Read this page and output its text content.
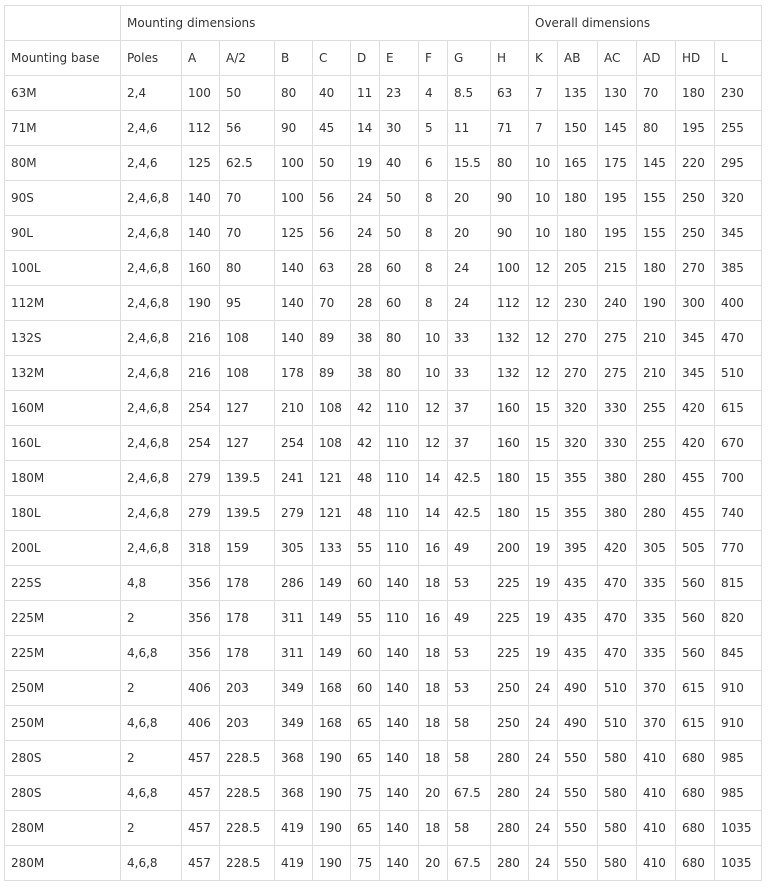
	Mounting dimensions										Overall dimensions					
Mounting base	Poles	A	A/2	B	C	D	E	F	G	H	K	AB	AC	AD	HD	L
63M	2,4	100	50	80	40	11	23	4	8.5	63	7	135	130	70	180	230
71M	2,4,6	112	56	90	45	14	30	5	11	71	7	150	145	80	195	255
80M	2,4,6	125	62.5	100	50	19	40	6	15.5	80	10	165	175	145	220	295
90S	2,4,6,8	140	70	100	56	24	50	8	20	90	10	180	195	155	250	320
90L	2,4,6,8	140	70	125	56	24	50	8	20	90	10	180	195	155	250	345
100L	2,4,6,8	160	80	140	63	28	60	8	24	100	12	205	215	180	270	385
112M	2,4,6,8	190	95	140	70	28	60	8	24	112	12	230	240	190	300	400
132S	2,4,6,8	216	108	140	89	38	80	10	33	132	12	270	275	210	345	470
132M	2,4,6,8	216	108	178	89	38	80	10	33	132	12	270	275	210	345	510
160M	2,4,6,8	254	127	210	108	42	110	12	37	160	15	320	330	255	420	615
160L	2,4,6,8	254	127	254	108	42	110	12	37	160	15	320	330	255	420	670
180M	2,4,6,8	279	139.5	241	121	48	110	14	42.5	180	15	355	380	280	455	700
180L	2,4,6,8	279	139.5	279	121	48	110	14	42.5	180	15	355	380	280	455	740
200L	2,4,6,8	318	159	305	133	55	110	16	49	200	19	395	420	305	505	770
225S	4,8	356	178	286	149	60	140	18	53	225	19	435	470	335	560	815
225M	2	356	178	311	149	55	110	16	49	225	19	435	470	335	560	820
225M	4,6,8	356	178	311	149	60	140	18	53	225	19	435	470	335	560	845
250M	2	406	203	349	168	60	140	18	53	250	24	490	510	370	615	910
250M	4,6,8	406	203	349	168	65	140	18	58	250	24	490	510	370	615	910
280S	2	457	228.5	368	190	65	140	18	58	280	24	550	580	410	680	985
280S	4,6,8	457	228.5	368	190	75	140	20	67.5	280	24	550	580	410	680	985
280M	2	457	228.5	419	190	65	140	18	58	280	24	550	580	410	680	1035
280M	4,6,8	457	228.5	419	190	75	140	20	67.5	280	24	550	580	410	680	1035
